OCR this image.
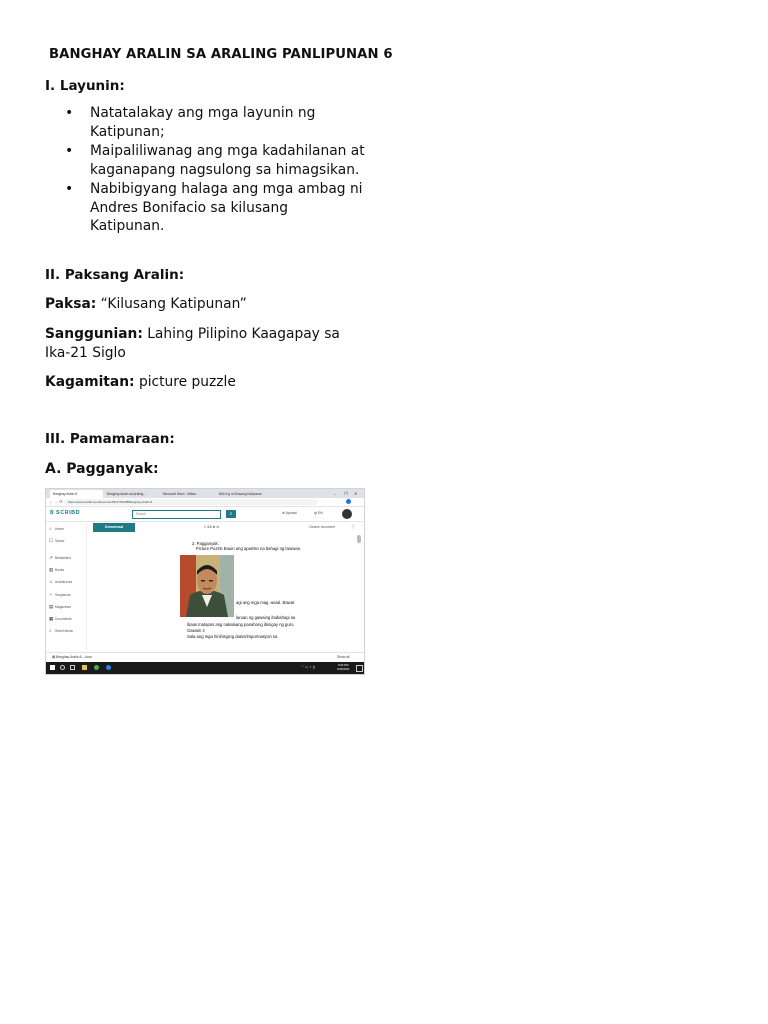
BANGHAY ARALIN SA ARALING PANLIPUNAN 6
I. Layunin:
• Natatalakay ang mga layunin ng Katipunan;
• Maipaliliwanag ang mga kadahilanan at kaganapang nagsulong sa himagsikan.
• Nabibigyang halaga ang mga ambag ni Andres Bonifacio sa kilusang Katipunan.
II. Paksang Aralin:
Paksa: “Kilusang Katipunan”
Sanggunian: Lahing Pilipino Kaagapay sa Ika-21 Siglo
Kagamitan: picture puzzle
III. Pamamaraan:
A. Pagganyak:
Banghay Aralin 6	Banghay Aralin sa Araling...	Microsoft Word - Militar...	BAN ng ni Kilusang Katipunan	– ❐ ✕
← → ⟳	https://www.scribd.com/document/511756438/Banghay-Aralin-6
Ꞩ SCRIBD	Search	⌕	⊕ Upload	◍ EN
⌂ Home
☐ Saved
↗ Bestsellers
▥ Books
♫ Audiobooks
◔ Snapshots
▤ Magazines
▦ Documents
♪ Sheet Music
Download	1 /18 ⊕ ⊖	⌕Search document	⛶
2. Pagganyak:
Picture Puzzle Buuin ang aparisto na bahagi ng larawan.
agi ang mga mag -aaral. Bawat
laruan ng gawaing ibabahagi sa
ibaas matapos ang nakalaang panahong ibinigay ng guro.
Gawain 4
Sala ang mga hinihinging datos/impormasyon sa
▤ Banghay-Aralin-6....docx	Show all
⌃ ▭ ◖ ))	9:54 PM
4/25/2021
